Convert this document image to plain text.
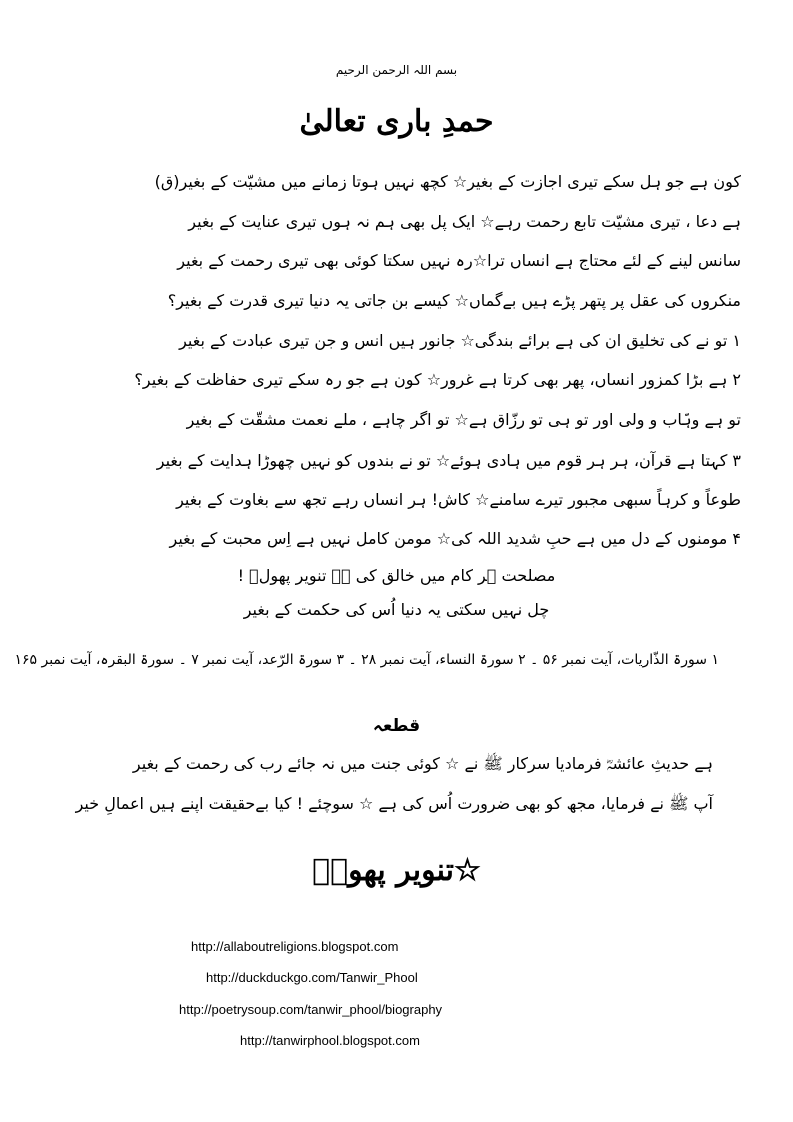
بسم اللہ الرحمن الرحیم
حمدِ باری تعالیٰ
کون ہے جو ہل سکے تیری اجازت کے بغیر☆ کچھ نہیں ہوتا زمانے میں مشیّت کے بغیر(ق)
ہے دعا ، تیری مشیّت تابع رحمت رہے☆ ایک پل بھی ہم نہ ہوں تیری عنایت کے بغیر
سانس لینے کے لئے محتاج ہے انساں ترا☆رہ نہیں سکتا کوئی بھی تیری رحمت کے بغیر
منکروں کی عقل پر پتھر پڑے ہیں بےگماں☆ کیسے بن جاتی یہ دنیا تیری قدرت کے بغیر؟
۱ تو نے کی تخلیق ان کی ہے برائے بندگی☆ جانور ہیں انس و جن تیری عبادت کے بغیر
۲ ہے بڑا کمزور انساں، پھر بھی کرتا ہے غرور☆ کون ہے جو رہ سکے تیری حفاظت کے بغیر؟
تو ہے وہّاب و ولی اور تو ہی تو رزّاق ہے☆ تو اگر چاہے ، ملے نعمت مشقّت کے بغیر
۳ کہتا ہے قرآن، ہر ہر قوم میں ہادی ہوئے☆ تو نے بندوں کو نہیں چھوڑا ہدایت کے بغیر
طوعاً و کرہاً سبھی مجبور تیرے سامنے☆ کاش! ہر انساں رہے تجھ سے بغاوت کے بغیر
۴ مومنوں کے دل میں ہے حبِ شدید اللہ کی☆ مومن کامل نہیں ہے اِس محبت کے بغیر
مصلحت ہر کام میں خالق کی ہے تنویر پھولؔ !
چل نہیں سکتی یہ دنیا اُس کی حکمت کے بغیر
۱ سورۃ الذّاریات، آیت نمبر ۵۶ ۔ ۲ سورۃ النساء، آیت نمبر ۲۸ ۔ ۳ سورۃ الرّعد، آیت نمبر ۷ ۔ سورۃ البقرہ، آیت نمبر ۱۶۵
قطعہ
ہے حدیثِ عائشہؓ فرمادیا سرکار ﷺ نے ☆ کوئی جنت میں نہ جائے رب کی رحمت کے بغیر
آپ ﷺ نے فرمایا، مجھ کو بھی ضرورت اُس کی ہے ☆ سوچئے ! کیا بےحقیقت اپنے ہیں اعمالِ خیر
☆تنویر پھولؔ
http://allaboutreligions.blogspot.com
http://duckduckgo.com/Tanwir_Phool
http://poetrysoup.com/tanwir_phool/biography
http://tanwirphool.blogspot.com
